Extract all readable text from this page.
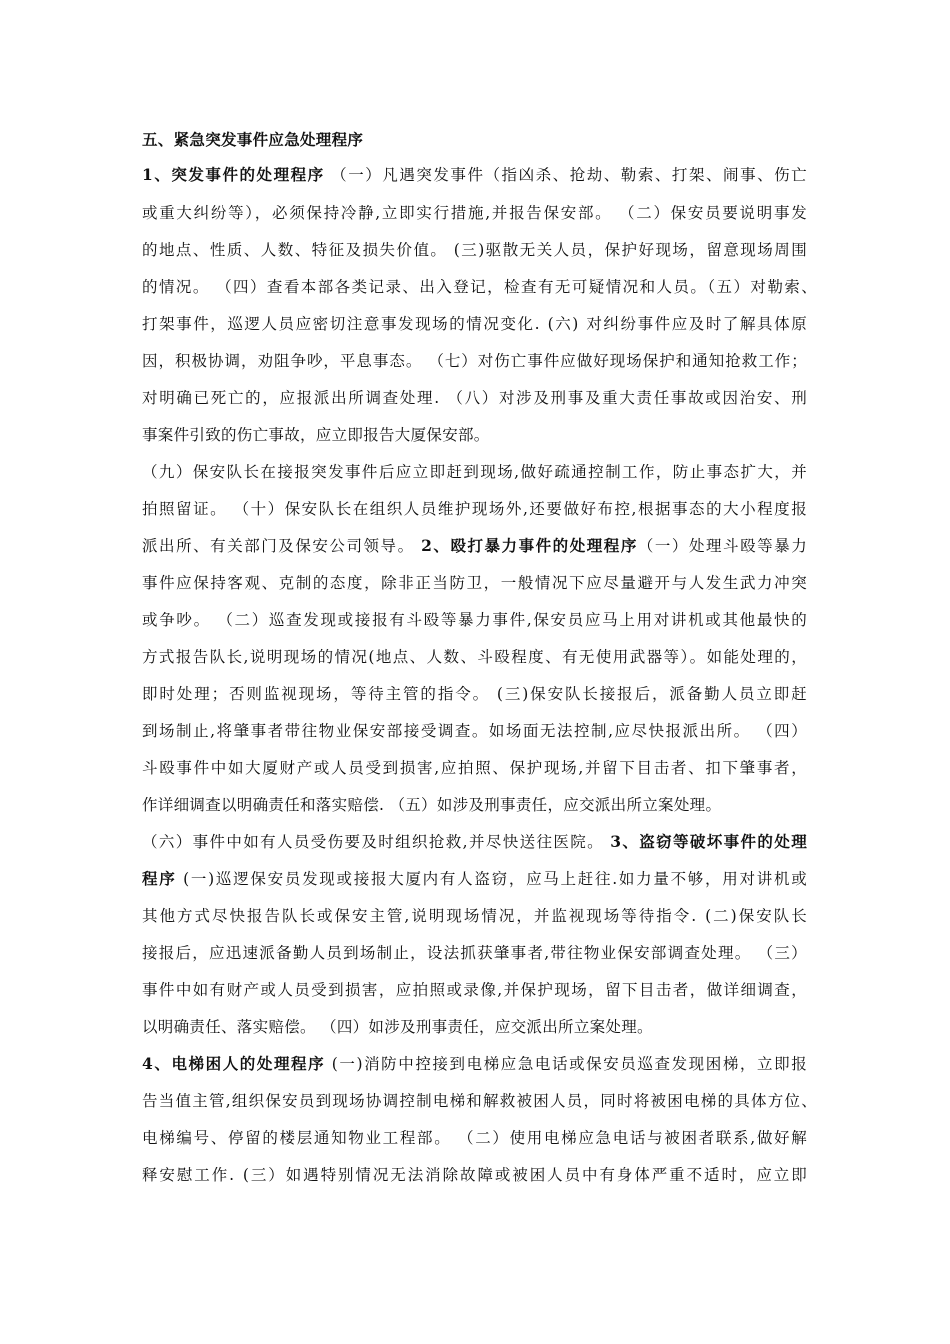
五、紧急突发事件应急处理程序
1、突发事件的处理程序 （一）凡遇突发事件（指凶杀、抢劫、勒索、打架、闹事、伤亡
或重大纠纷等），必须保持冷静,立即实行措施,并报告保安部。 （二）保安员要说明事发
的地点、性质、人数、特征及损失价值。 (三)驱散无关人员，保护好现场，留意现场周围
的情况。 （四）查看本部各类记录、出入登记，检查有无可疑情况和人员。（五）对勒索、
打架事件，巡逻人员应密切注意事发现场的情况变化. (六) 对纠纷事件应及时了解具体原
因，积极协调，劝阻争吵，平息事态。 （七）对伤亡事件应做好现场保护和通知抢救工作；
对明确已死亡的，应报派出所调查处理. （八）对涉及刑事及重大责任事故或因治安、刑
事案件引致的伤亡事故，应立即报告大厦保安部。
（九）保安队长在接报突发事件后应立即赶到现场,做好疏通控制工作，防止事态扩大，并
拍照留证。 （十）保安队长在组织人员维护现场外,还要做好布控,根据事态的大小程度报
派出所、有关部门及保安公司领导。 2、殴打暴力事件的处理程序（一）处理斗殴等暴力
事件应保持客观、克制的态度，除非正当防卫，一般情况下应尽量避开与人发生武力冲突
或争吵。 （二）巡查发现或接报有斗殴等暴力事件,保安员应马上用对讲机或其他最快的
方式报告队长,说明现场的情况(地点、人数、斗殴程度、有无使用武器等）。如能处理的，
即时处理；否则监视现场，等待主管的指令。 (三)保安队长接报后，派备勤人员立即赶
到场制止,将肇事者带往物业保安部接受调查。如场面无法控制,应尽快报派出所。 （四）
斗殴事件中如大厦财产或人员受到损害,应拍照、保护现场,并留下目击者、扣下肇事者，
作详细调查以明确责任和落实赔偿. （五）如涉及刑事责任，应交派出所立案处理。
（六）事件中如有人员受伤要及时组织抢救,并尽快送往医院。 3、盗窃等破坏事件的处理
程序 (一)巡逻保安员发现或接报大厦内有人盗窃，应马上赶往.如力量不够，用对讲机或
其他方式尽快报告队长或保安主管,说明现场情况，并监视现场等待指令. (二)保安队长
接报后，应迅速派备勤人员到场制止，设法抓获肇事者,带往物业保安部调查处理。 （三）
事件中如有财产或人员受到损害，应拍照或录像,并保护现场，留下目击者，做详细调查，
以明确责任、落实赔偿。 （四）如涉及刑事责任，应交派出所立案处理。
4、电梯困人的处理程序 (一)消防中控接到电梯应急电话或保安员巡查发现困梯，立即报
告当值主管,组织保安员到现场协调控制电梯和解救被困人员，同时将被困电梯的具体方位、
电梯编号、停留的楼层通知物业工程部。 （二）使用电梯应急电话与被困者联系,做好解
释安慰工作. (三）如遇特别情况无法消除故障或被困人员中有身体严重不适时，应立即
